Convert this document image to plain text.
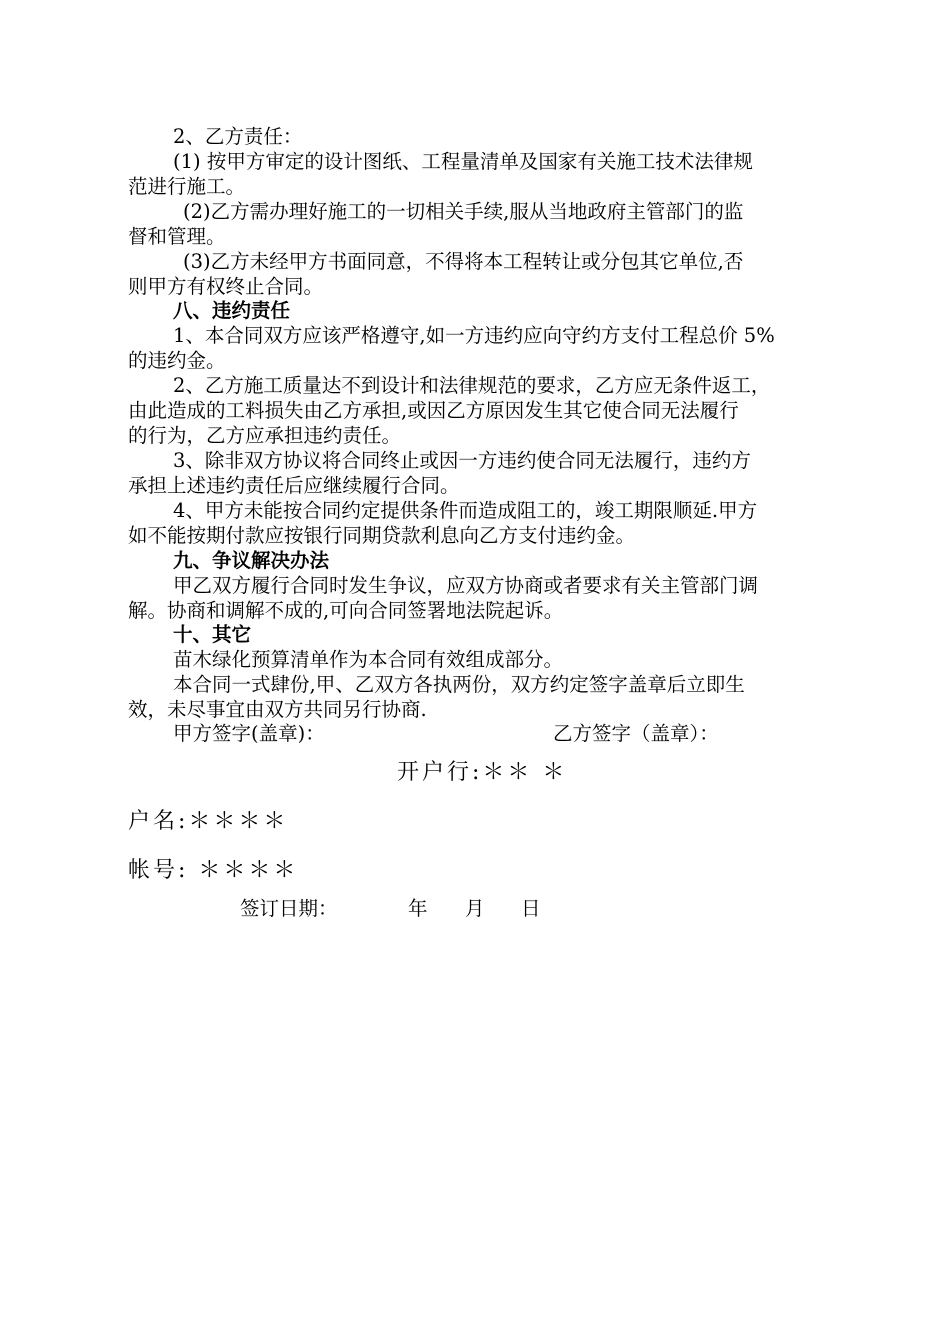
2、乙方责任：
(1) 按甲方审定的设计图纸、工程量清单及国家有关施工技术法律规
范进行施工。
(2)乙方需办理好施工的一切相关手续,服从当地政府主管部门的监
督和管理。
(3)乙方未经甲方书面同意，不得将本工程转让或分包其它单位,否
则甲方有权终止合同。
八、违约责任
1、本合同双方应该严格遵守,如一方违约应向守约方支付工程总价 5%
的违约金。
2、乙方施工质量达不到设计和法律规范的要求，乙方应无条件返工，
由此造成的工料损失由乙方承担,或因乙方原因发生其它使合同无法履行
的行为，乙方应承担违约责任。
3、除非双方协议将合同终止或因一方违约使合同无法履行，违约方
承担上述违约责任后应继续履行合同。
4、甲方未能按合同约定提供条件而造成阻工的，竣工期限顺延.甲方
如不能按期付款应按银行同期贷款利息向乙方支付违约金。
九、争议解决办法
甲乙双方履行合同时发生争议，应双方协商或者要求有关主管部门调
解。协商和调解不成的,可向合同签署地法院起诉。
十、其它
苗木绿化预算清单作为本合同有效组成部分。
本合同一式肆份,甲、乙双方各执两份，双方约定签字盖章后立即生
效，未尽事宜由双方共同另行协商.
甲方签字(盖章)：	乙方签字（盖章）：
开户行:＊＊ ＊
户名:＊＊＊＊
帐号: ＊＊＊＊
签订日期：	年 月 日
